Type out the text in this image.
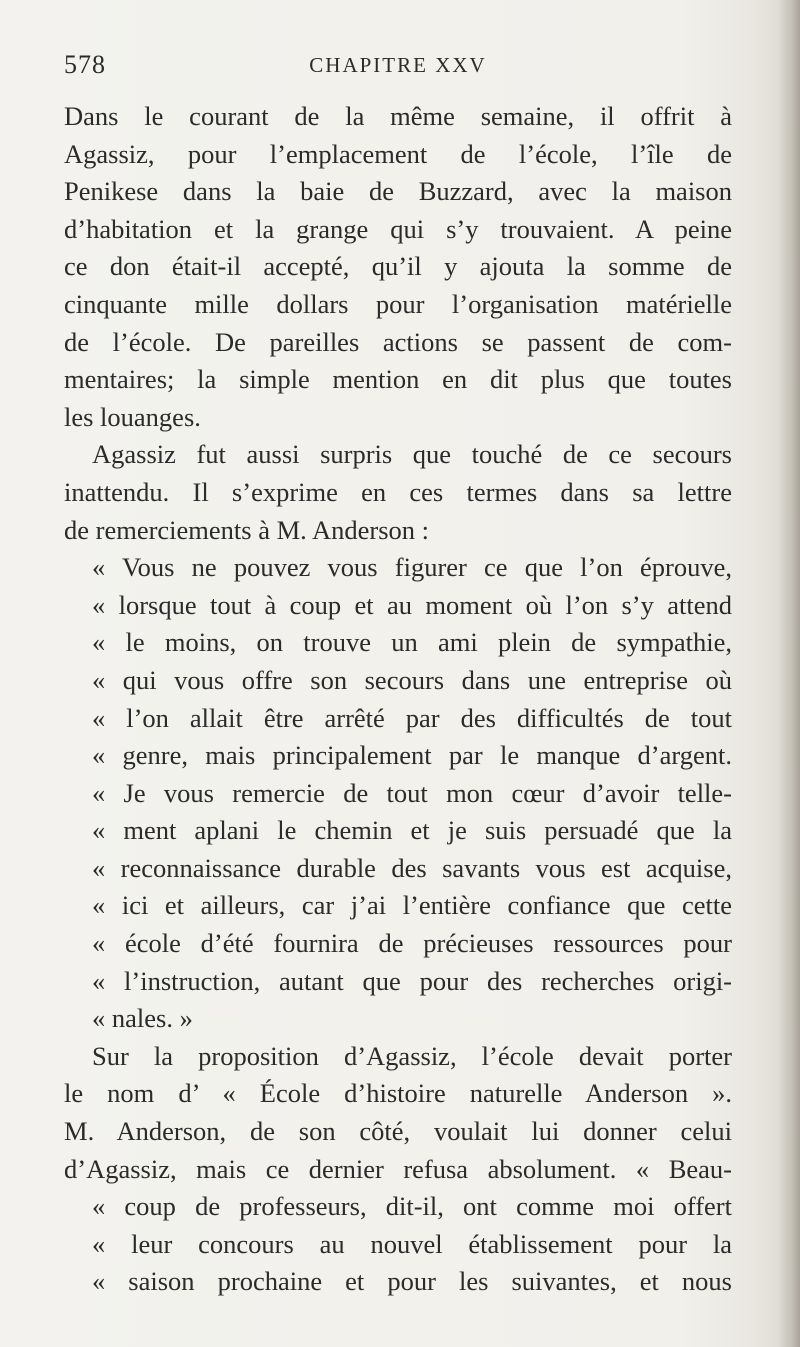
578	CHAPITRE XXV
Dans le courant de la même semaine, il offrit à
Agassiz, pour l’emplacement de l’école, l’île de
Penikese dans la baie de Buzzard, avec la maison
d’habitation et la grange qui s’y trouvaient. A peine
ce don était-il accepté, qu’il y ajouta la somme de
cinquante mille dollars pour l’organisation matérielle
de l’école. De pareilles actions se passent de com-
mentaires; la simple mention en dit plus que toutes
les louanges.
Agassiz fut aussi surpris que touché de ce secours
inattendu. Il s’exprime en ces termes dans sa lettre
de remerciements à M. Anderson :
« Vous ne pouvez vous figurer ce que l’on éprouve,
« lorsque tout à coup et au moment où l’on s’y attend
« le moins, on trouve un ami plein de sympathie,
« qui vous offre son secours dans une entreprise où
« l’on allait être arrêté par des difficultés de tout
« genre, mais principalement par le manque d’argent.
« Je vous remercie de tout mon cœur d’avoir telle-
« ment aplani le chemin et je suis persuadé que la
« reconnaissance durable des savants vous est acquise,
« ici et ailleurs, car j’ai l’entière confiance que cette
« école d’été fournira de précieuses ressources pour
« l’instruction, autant que pour des recherches origi-
« nales. »
Sur la proposition d’Agassiz, l’école devait porter
le nom d’ « École d’histoire naturelle Anderson ».
M. Anderson, de son côté, voulait lui donner celui
d’Agassiz, mais ce dernier refusa absolument. « Beau-
« coup de professeurs, dit-il, ont comme moi offert
« leur concours au nouvel établissement pour la
« saison prochaine et pour les suivantes, et nous
